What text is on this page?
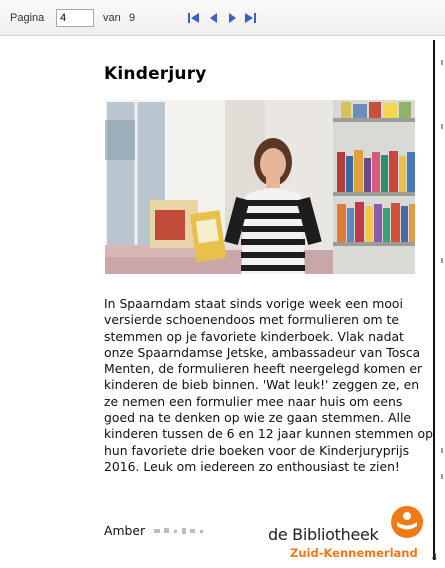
Pagina
4	van 9
Kinderjury

In Spaarndam staat sinds vorige week een mooi versierde schoenendoos met formulieren om te stemmen op je favoriete kinderboek. Vlak nadat onze Spaarndamse Jetske, ambassadeur van Tosca Menten, de formulieren heeft neergelegd komen er kinderen de bieb binnen. 'Wat leuk!' zeggen ze, en ze nemen een formulier mee naar huis om eens goed na te denken op wie ze gaan stemmen. Alle kinderen tussen de 6 en 12 jaar kunnen stemmen op hun favoriete drie boeken voor de Kinderjuryprijs 2016. Leuk om iedereen zo enthousiast te zien!

Amber	de Bibliotheek
Zuid-Kennemerland 4
